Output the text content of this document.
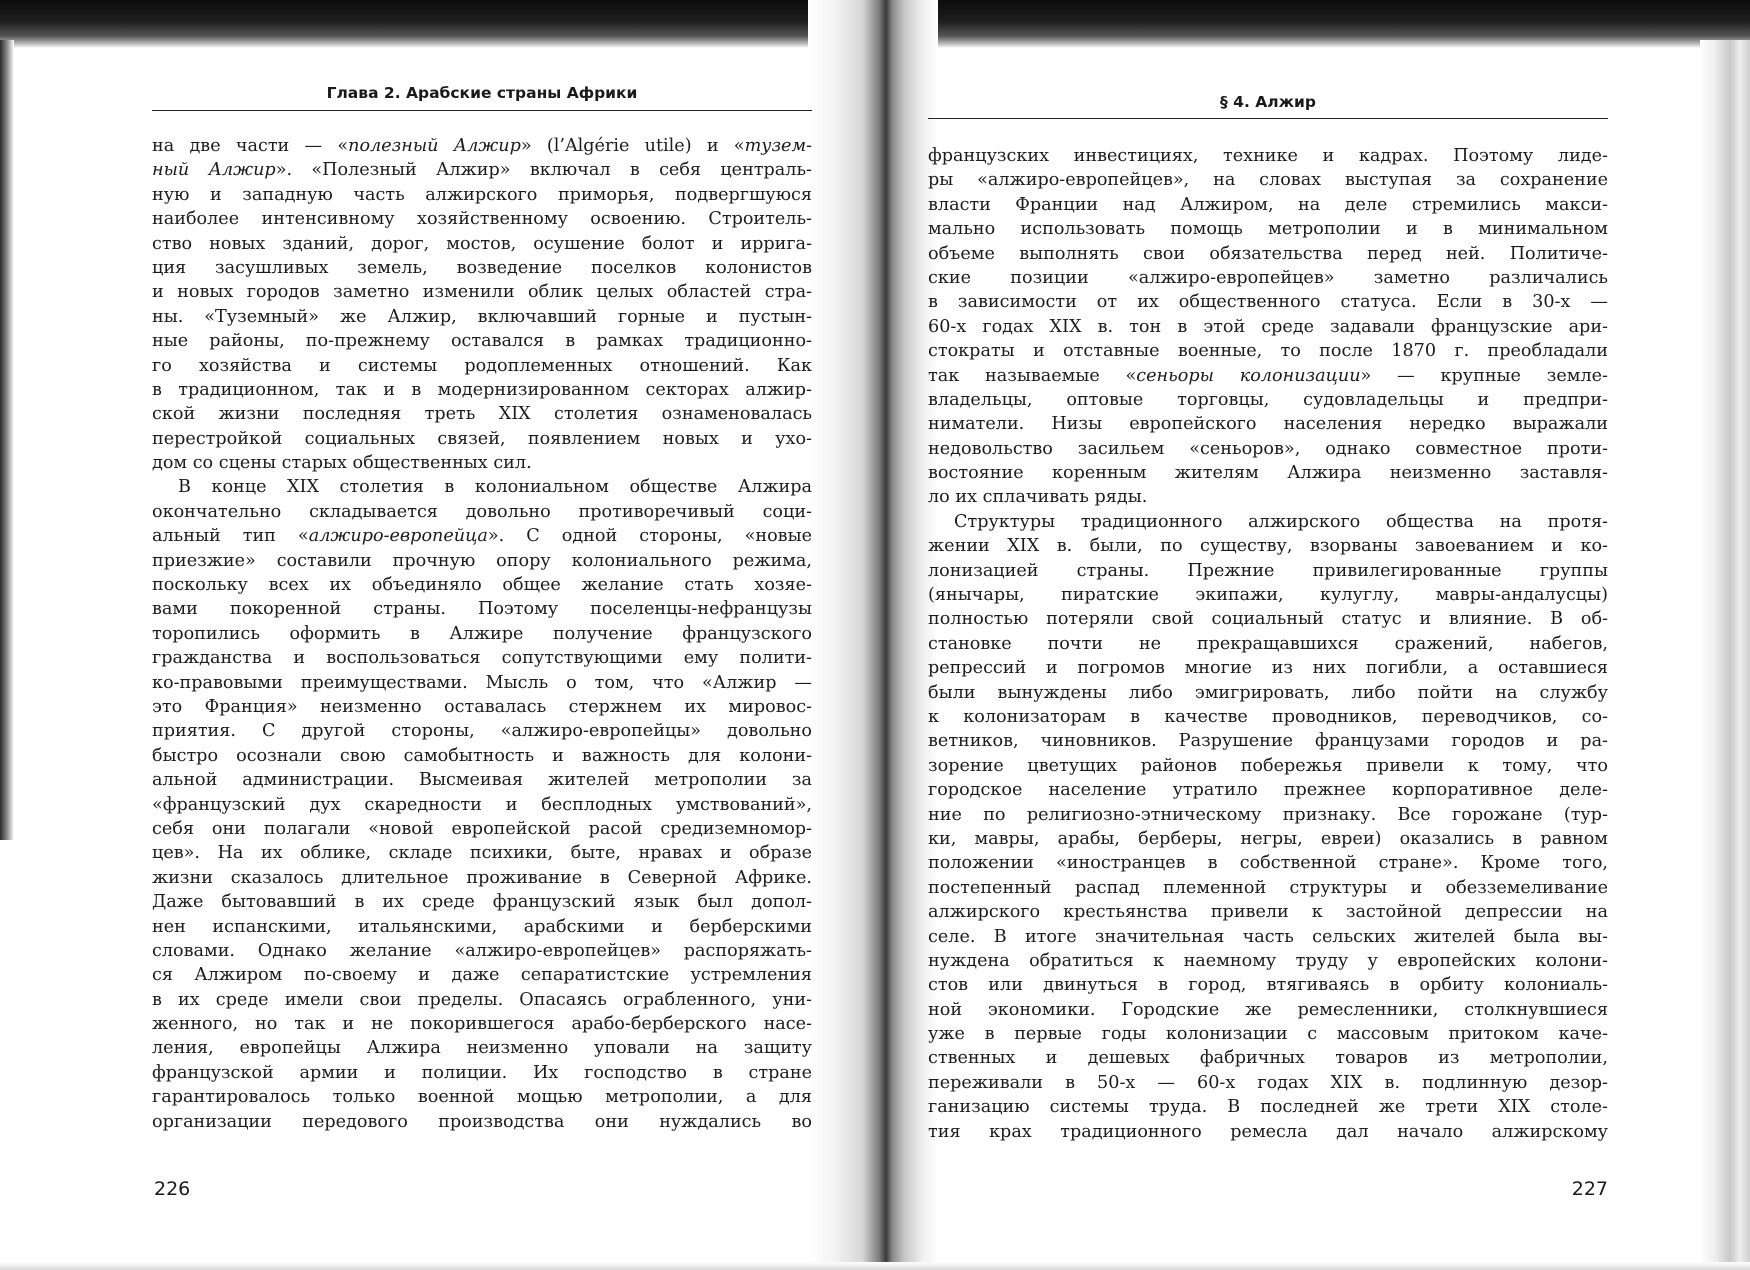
Глава 2. Арабские страны Африки
на две части — «полезный Алжир» (l’Algérie utile) и «тузем-
ный Алжир». «Полезный Алжир» включал в себя централь-
ную и западную часть алжирского приморья, подвергшуюся
наиболее интенсивному хозяйственному освоению. Строитель-
ство новых зданий, дорог, мостов, осушение болот и ирригa-
ция засушливых земель, возведение поселков колонистов
и новых городов заметно изменили облик целых областей стра-
ны. «Туземный» же Алжир, включавший горные и пустын-
ные районы, по-прежнему оставался в рамках традиционно-
го хозяйства и системы родоплеменных отношений. Как
в традиционном, так и в модернизированном секторах алжир-
ской жизни последняя треть XIX столетия ознаменовалась
перестройкой социальных связей, появлением новых и ухо-
дом со сцены старых общественных сил.
В конце XIX столетия в колониальном обществе Алжира
окончательно складывается довольно противоречивый соци-
альный тип «алжиро-европейца». С одной стороны, «новые
приезжие» составили прочную опору колониального режима,
поскольку всех их объединяло общее желание стать хозяе-
вами покоренной страны. Поэтому поселенцы-нефранцузы
торопились оформить в Алжире получение французского
гражданства и воспользоваться сопутствующими ему полити-
ко-правовыми преимуществами. Мысль о том, что «Алжир —
это Франция» неизменно оставалась стержнем их мировос-
приятия. С другой стороны, «алжиро-европейцы» довольно
быстро осознали свою самобытность и важность для колони-
альной администрации. Высмеивая жителей метрополии за
«французский дух скаредности и бесплодных умствований»,
себя они полагали «новой европейской расой средиземномор-
цев». На их облике, складе психики, быте, нравах и образе
жизни сказалось длительное проживание в Северной Африке.
Даже бытовавший в их среде французский язык был допол-
нен испанскими, итальянскими, арабскими и берберскими
словами. Однако желание «алжиро-европейцев» распоряжать-
ся Алжиром по-своему и даже сепаратистские устремления
в их среде имели свои пределы. Опасаясь ограбленного, уни-
женного, но так и не покорившегося арабо-берберского насе-
ления, европейцы Алжира неизменно уповали на защиту
французской армии и полиции. Их господство в стране
гарантировалось только военной мощью метрополии, а для
организации передового производства они нуждались во
226
§ 4. Алжир
французских инвестициях, технике и кадрах. Поэтому лиде-
ры «алжиро-европейцев», на словах выступая за сохранение
власти Франции над Алжиром, на деле стремились макси-
мально использовать помощь метрополии и в минимальном
объеме выполнять свои обязательства перед ней. Политиче-
ские позиции «алжиро-европейцев» заметно различались
в зависимости от их общественного статуса. Если в 30-х —
60-х годах XIX в. тон в этой среде задавали французские ари-
стократы и отставные военные, то после 1870 г. преобладали
так называемые «сеньоры колонизации» — крупные земле-
владельцы, оптовые торговцы, судовладельцы и предпри-
ниматели. Низы европейского населения нередко выражали
недовольство засильем «сеньоров», однако совместное проти-
востояние коренным жителям Алжира неизменно заставля-
ло их сплачивать ряды.
Структуры традиционного алжирского общества на протя-
жении XIX в. были, по существу, взорваны завоеванием и ко-
лонизацией страны. Прежние привилегированные группы
(янычары, пиратские экипажи, кулуглу, мавры-андалусцы)
полностью потеряли свой социальный статус и влияние. В об-
становке почти не прекращавшихся сражений, набегов,
репрессий и погромов многие из них погибли, а оставшиеся
были вынуждены либо эмигрировать, либо пойти на службу
к колонизаторам в качестве проводников, переводчиков, со-
ветников, чиновников. Разрушение французами городов и ра-
зорение цветущих районов побережья привели к тому, что
городское население утратило прежнее корпоративное деле-
ние по религиозно-этническому признаку. Все горожане (тур-
ки, мавры, арабы, берберы, негры, евреи) оказались в равном
положении «иностранцев в собственной стране». Кроме того,
постепенный распад племенной структуры и обезземеливание
алжирского крестьянства привели к застойной депрессии на
селе. В итоге значительная часть сельских жителей была вы-
нуждена обратиться к наемному труду у европейских колони-
стов или двинуться в город, втягиваясь в орбиту колониаль-
ной экономики. Городские же ремесленники, столкнувшиеся
уже в первые годы колонизации с массовым притоком каче-
ственных и дешевых фабричных товаров из метрополии,
переживали в 50-х — 60-х годах XIX в. подлинную дезор-
ганизацию системы труда. В последней же трети XIX столе-
тия крах традиционного ремесла дал начало алжирскому
227
